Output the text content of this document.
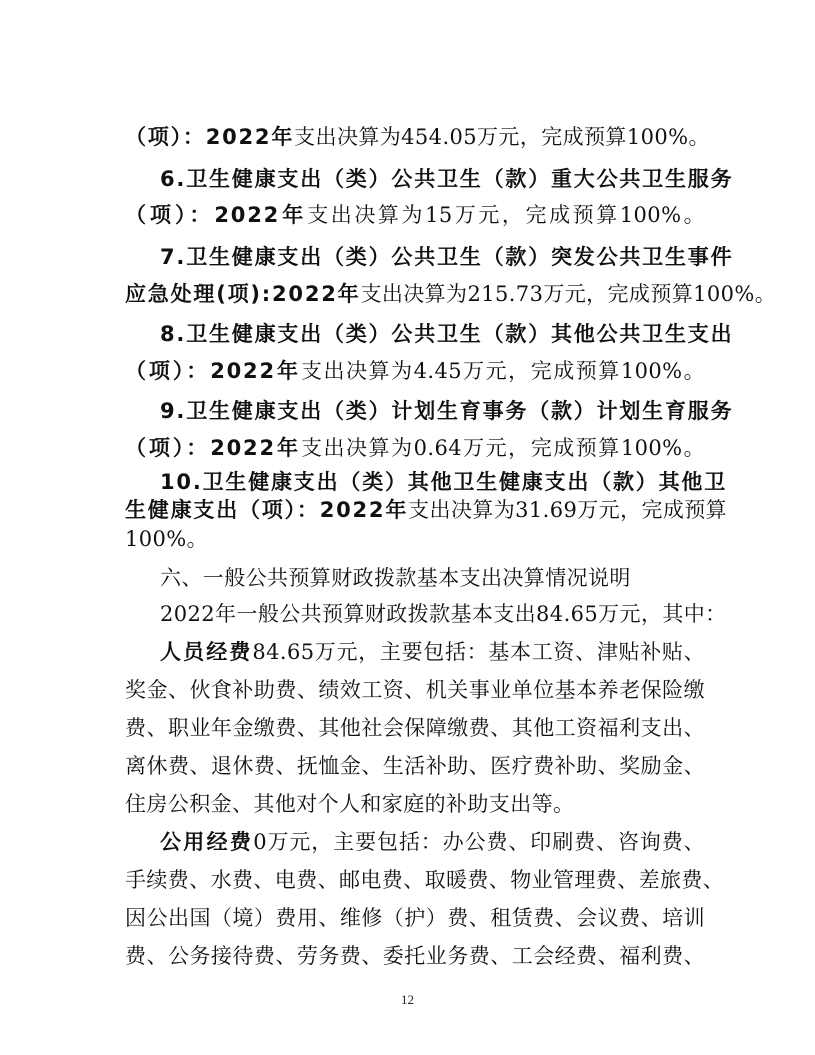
（项）：2022年支出决算为454.05万元，完成预算100%。
6.卫生健康支出（类）公共卫生（款）重大公共卫生服务
（项）：2022年支出决算为15万元，完成预算100%。
7.卫生健康支出（类）公共卫生（款）突发公共卫生事件
应急处理(项):2022年支出决算为215.73万元，完成预算100%。
8.卫生健康支出（类）公共卫生（款）其他公共卫生支出
（项）：2022年支出决算为4.45万元，完成预算100%。
9.卫生健康支出（类）计划生育事务（款）计划生育服务
（项）：2022年支出决算为0.64万元，完成预算100%。
10.卫生健康支出（类）其他卫生健康支出（款）其他卫
生健康支出（项）：2022年支出决算为31.69万元，完成预算
100%。
六、一般公共预算财政拨款基本支出决算情况说明
2022年一般公共预算财政拨款基本支出84.65万元，其中：
人员经费84.65万元，主要包括：基本工资、津贴补贴、
奖金、伙食补助费、绩效工资、机关事业单位基本养老保险缴
费、职业年金缴费、其他社会保障缴费、其他工资福利支出、
离休费、退休费、抚恤金、生活补助、医疗费补助、奖励金、
住房公积金、其他对个人和家庭的补助支出等。
公用经费0万元，主要包括：办公费、印刷费、咨询费、
手续费、水费、电费、邮电费、取暖费、物业管理费、差旅费、
因公出国（境）费用、维修（护）费、租赁费、会议费、培训
费、公务接待费、劳务费、委托业务费、工会经费、福利费、
12
